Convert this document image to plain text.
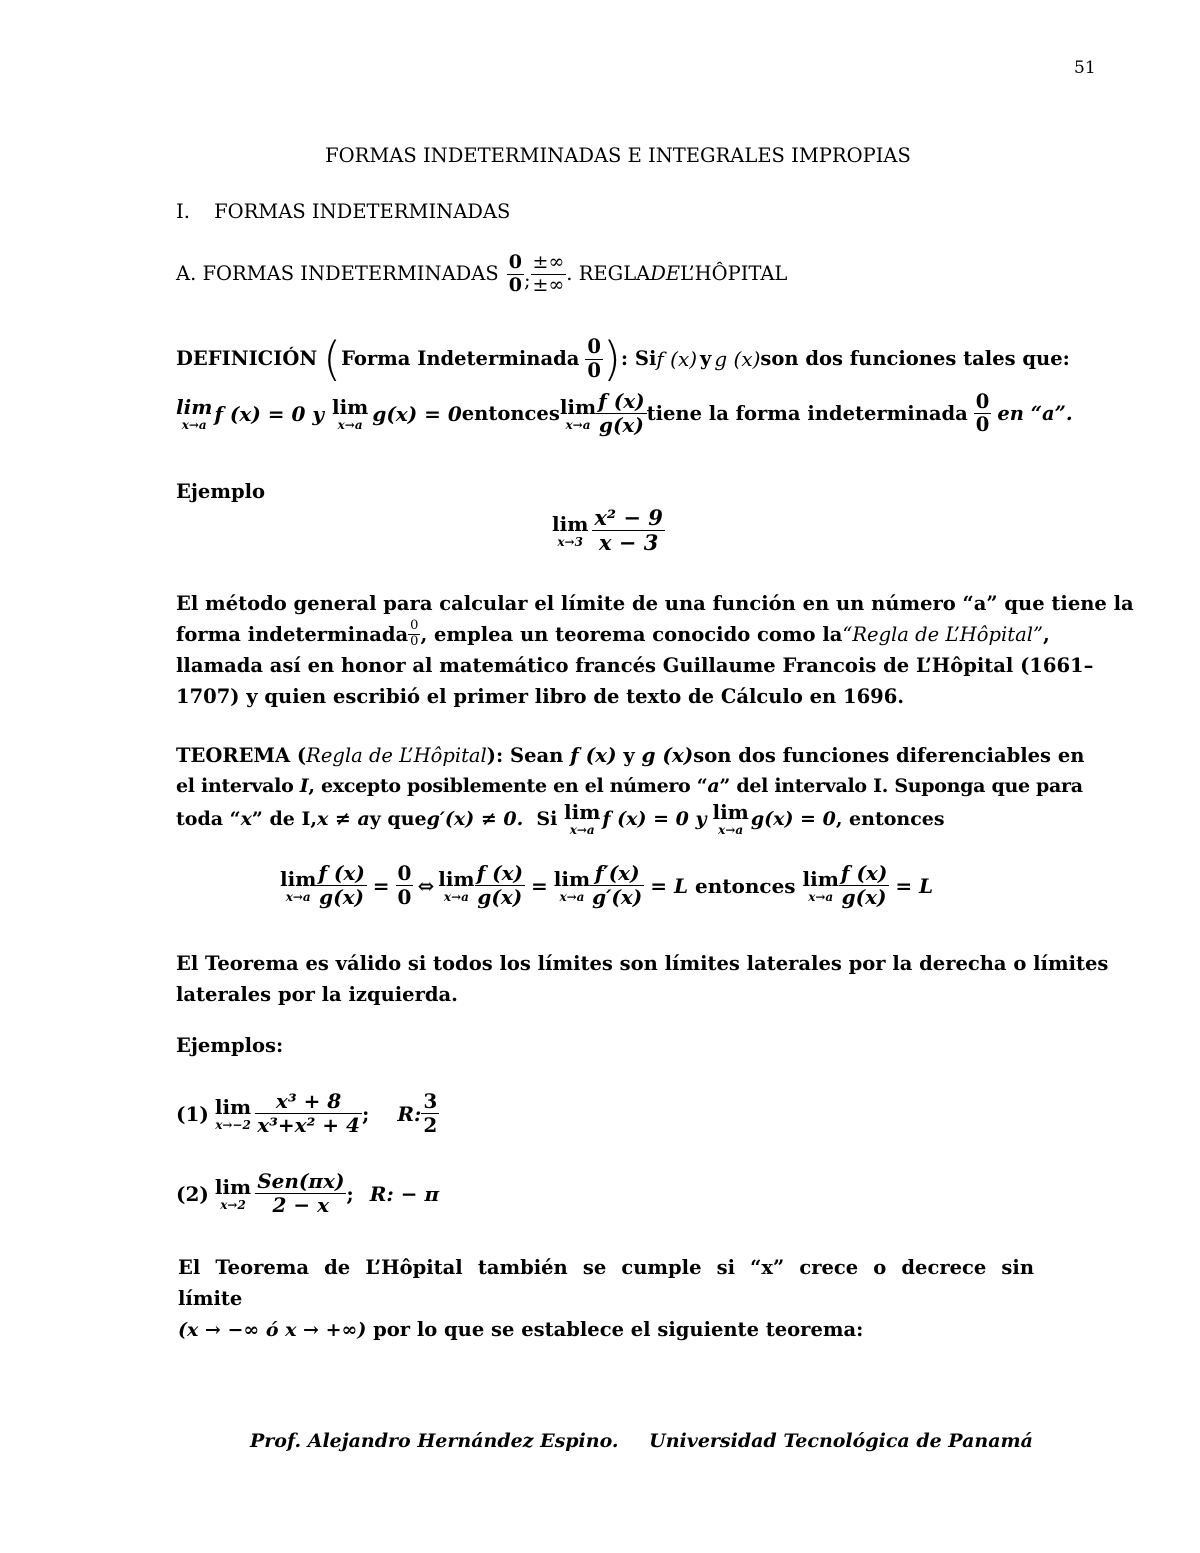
51
FORMAS INDETERMINADAS E INTEGRALES IMPROPIAS
I. FORMAS INDETERMINADAS
A. FORMAS INDETERMINADAS $\frac{0}{0}$ ; $\frac{\pm\infty}{\pm\infty}$ . REGLA DE L’HÔPITAL
DEFINICIÓN ( Forma Indeterminada $\frac{0}{0}$ ) : Si f (x) y g (x) son dos funciones tales que:
lim
x→a f (x) = 0 y lim
x→a g(x) = 0 entonces lim
$x\to a \frac{f (x)}{g(x)}$ tiene la forma indeterminada $\frac{0}{0}$ en “a”.
Ejemplo
lim
$x\to 3 \frac{\text{x² − 9}}{x - 3}$
El método general para calcular el límite de una función en un número “a” que tiene la
forma indeterminada $\frac{0}{0}$ , emplea un teorema conocido como la “Regla de L’Hôpital” ,
llamada así en honor al matemático francés Guillaume Francois de L’Hôpital (1661–
1707) y quien escribió el primer libro de texto de Cálculo en 1696.
TEOREMA (Regla de L’Hôpital): Sean f (x) y g (x) son dos funciones diferenciables en
el intervalo I, excepto posiblemente en el número “a” del intervalo I. Suponga que para
toda “ x ” de I, x ≠ a y que g′(x) ≠ 0. Si lim
x→a
f (x) = 0 y lim
x→a
g(x) = 0 , entonces
lim
$x\to a \frac{f (x)}{g(x)} = \frac{0}{0}$ ⇔ lim
$x\to a \frac{f (x)}{g(x)} = \lim$
$x\to a \frac{f'(x)}{g'(x)} = L$ entonces lim
$x\to a \frac{f (x)}{g(x)} = L$
El Teorema es válido si todos los límites son límites laterales por la derecha o límites
laterales por la izquierda.
Ejemplos:
(1) lim
$x\to-2 \frac{\text{x³ + 8}}{\text{x³+x² + 4}}$ ; R: $\frac{3}{2}$
(2) lim
$x\to 2 \frac{\text{Sen(πx)}}{2 - x}$ ; R: − π
El  Teorema  de  L’Hôpital  también  se  cumple  si  “x”  crece  o  decrece  sin  límite
(x → −∞ ó x → +∞) por lo que se establece el siguiente teorema:
Prof. Alejandro Hernández Espino. Universidad Tecnológica de Panamá
